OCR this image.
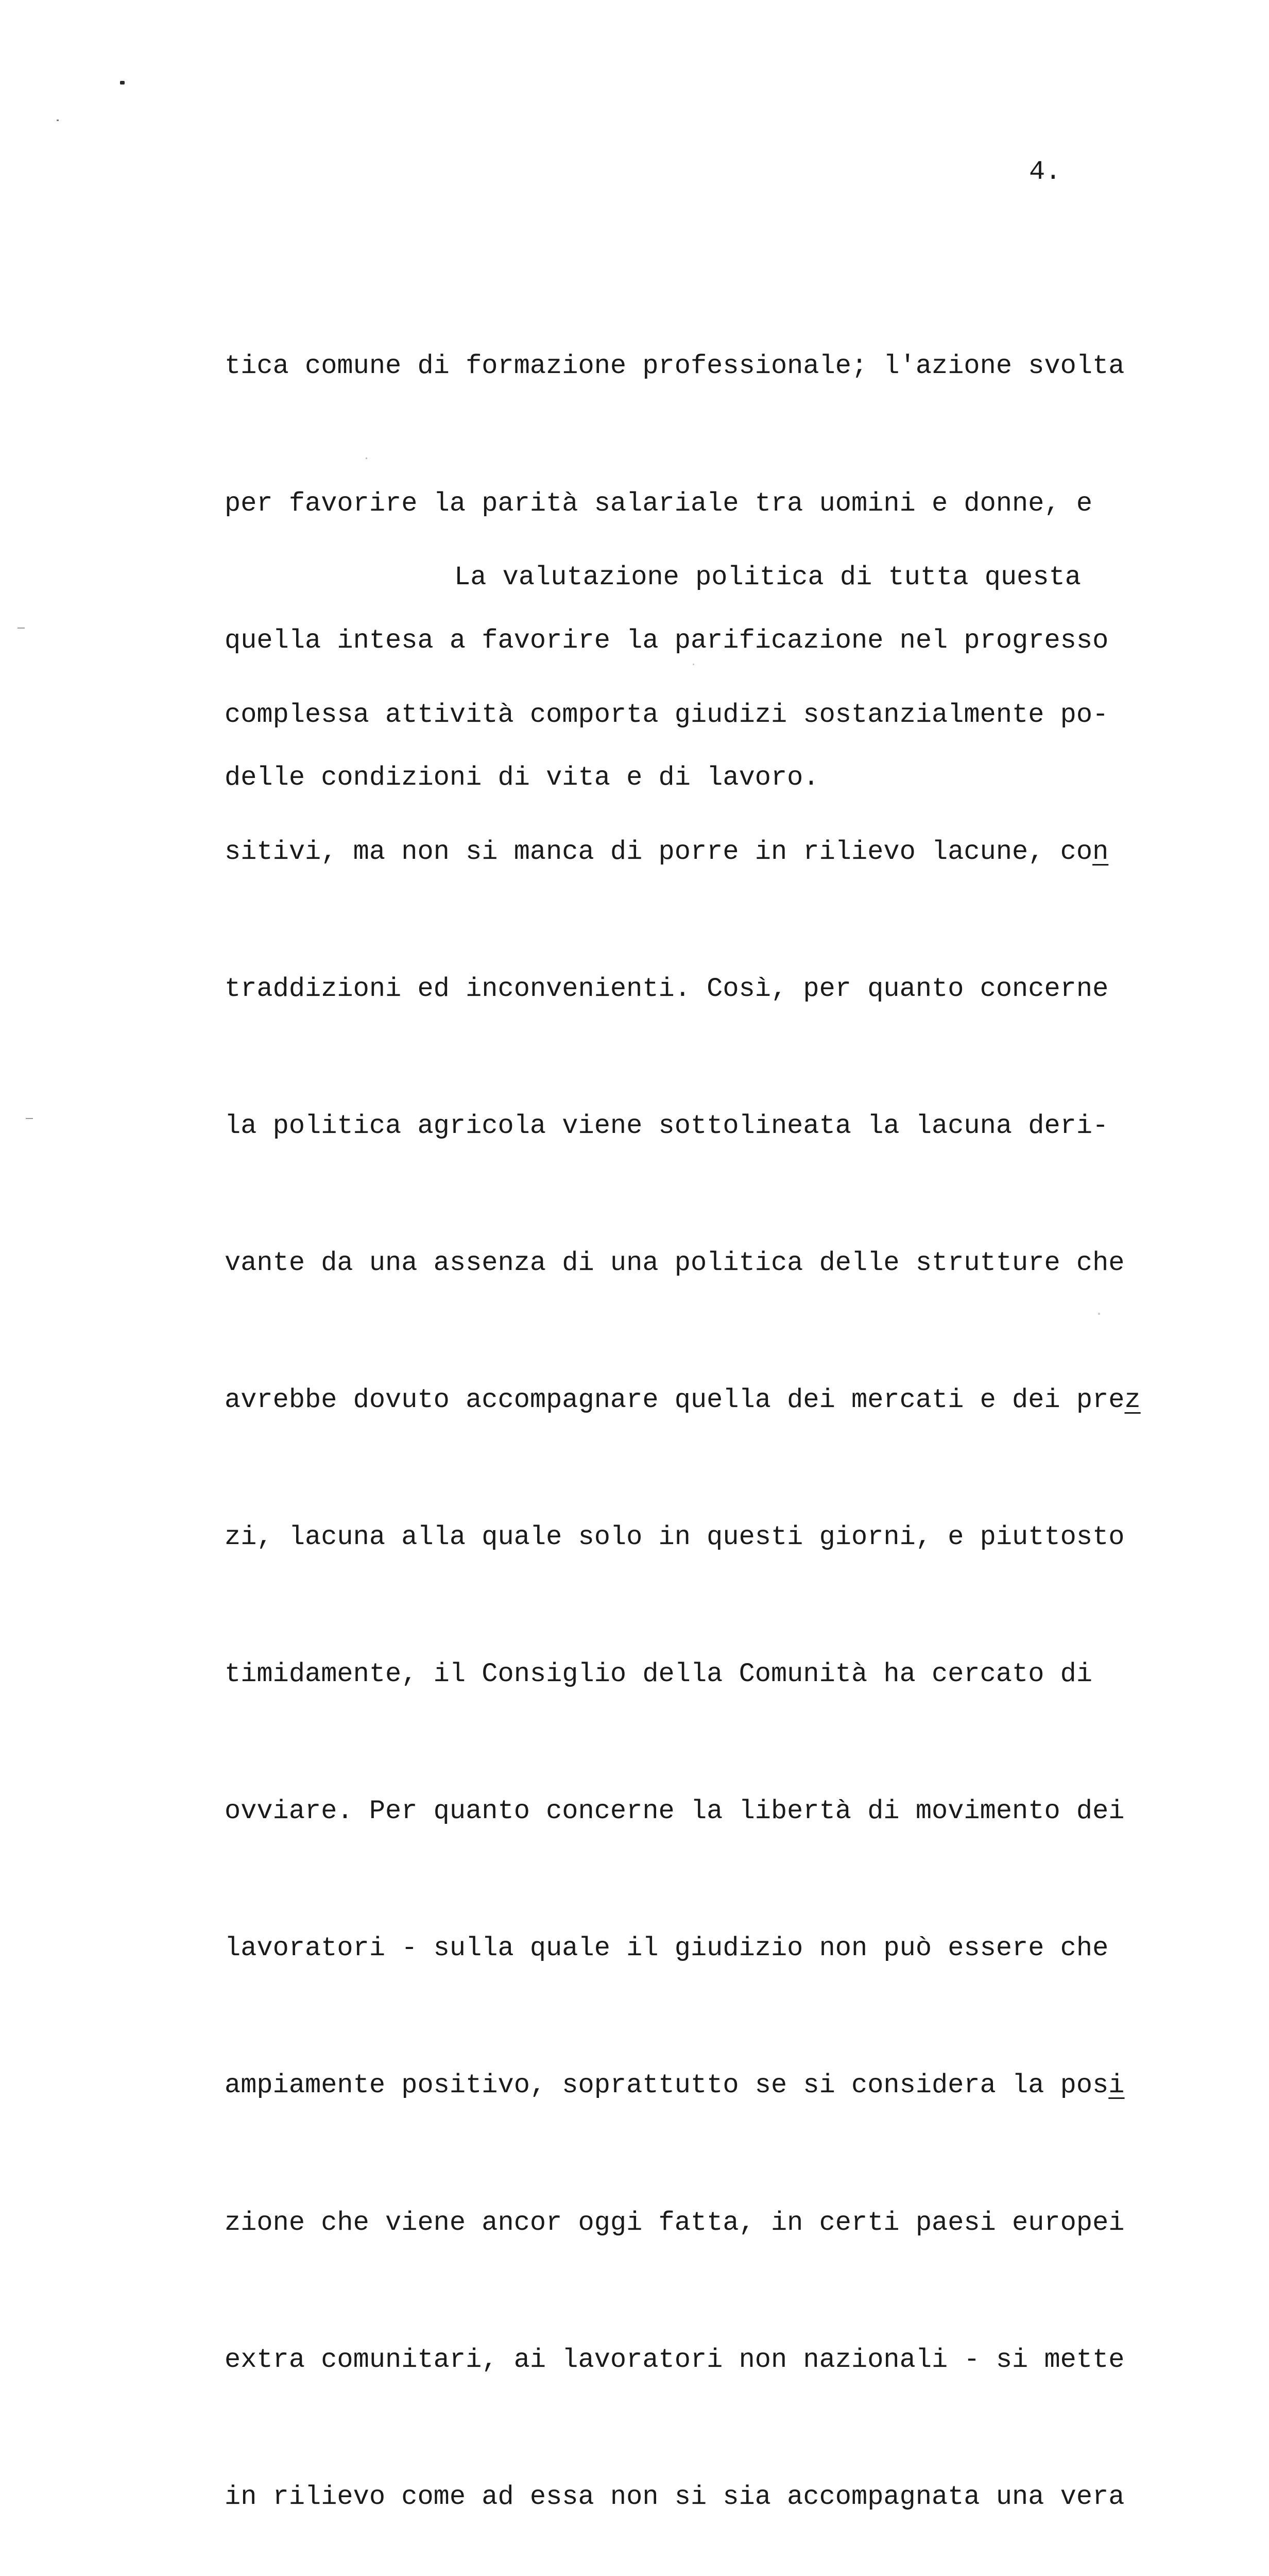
4.

tica comune di formazione professionale; l'azione svolta

per favorire la parità salariale tra uomini e donne, e

quella intesa a favorire la parificazione nel progresso

delle condizioni di vita e di lavoro.

La valutazione politica di tutta questa

complessa attività comporta giudizi sostanzialmente po-

sitivi, ma non si manca di porre in rilievo lacune, con

traddizioni ed inconvenienti. Così, per quanto concerne

la politica agricola viene sottolineata la lacuna deri-

vante da una assenza di una politica delle strutture che

avrebbe dovuto accompagnare quella dei mercati e dei prez

zi, lacuna alla quale solo in questi giorni, e piuttosto

timidamente, il Consiglio della Comunità ha cercato di

ovviare. Per quanto concerne la libertà di movimento dei

lavoratori - sulla quale il giudizio non può essere che

ampiamente positivo, soprattutto se si considera la posi

zione che viene ancor oggi fatta, in certi paesi europei

extra comunitari, ai lavoratori non nazionali - si mette

in rilievo come ad essa non si sia accompagnata una vera
